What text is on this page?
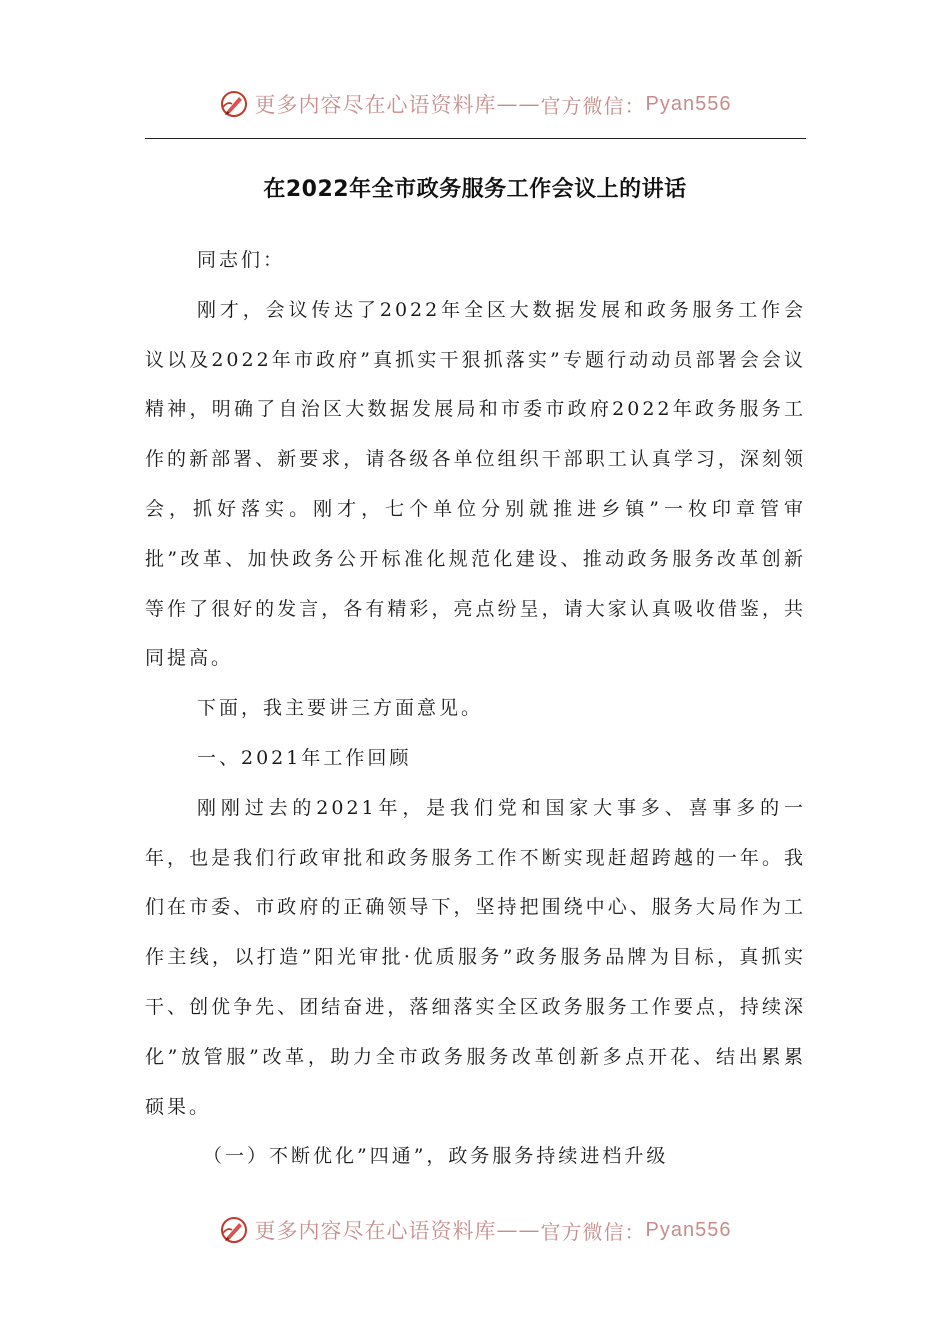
更多内容尽在心语资料库 —— 官方微信： Pyan556
在2022年全市政务服务工作会议上的讲话

同志们：

刚才，会议传达了2022年全区大数据发展和政务服务工作会议以及2022年市政府”真抓实干狠抓落实”专题行动动员部署会会议精神，明确了自治区大数据发展局和市委市政府2022年政务服务工作的新部署、新要求，请各级各单位组织干部职工认真学习，深刻领会，抓好落实。刚才，七个单位分别就推进乡镇”一枚印章管审批”改革、加快政务公开标准化规范化建设、推动政务服务改革创新等作了很好的发言，各有精彩，亮点纷呈，请大家认真吸收借鉴，共同提高。

下面，我主要讲三方面意见。

一、2021年工作回顾

刚刚过去的2021年，是我们党和国家大事多、喜事多的一年，也是我们行政审批和政务服务工作不断实现赶超跨越的一年。我们在市委、市政府的正确领导下，坚持把围绕中心、服务大局作为工作主线，以打造”阳光审批·优质服务”政务服务品牌为目标，真抓实干、创优争先、团结奋进，落细落实全区政务服务工作要点，持续深化”放管服”改革，助力全市政务服务改革创新多点开花、结出累累硕果。

（一）不断优化”四通”，政务服务持续进档升级

更多内容尽在心语资料库 —— 官方微信： Pyan556
